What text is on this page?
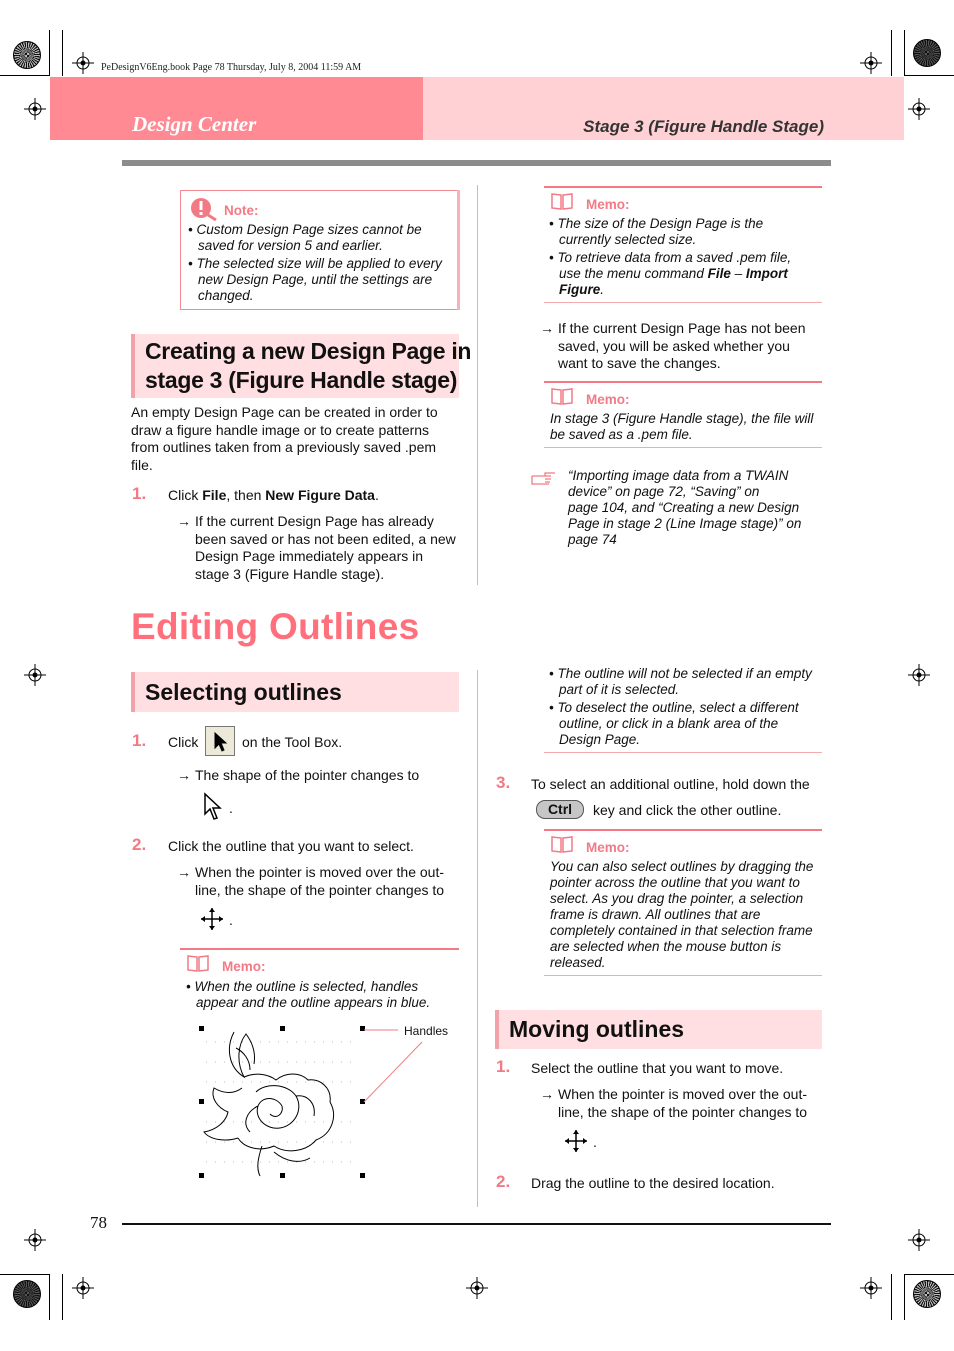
PeDesignV6Eng.book Page 78 Thursday, July 8, 2004 11:59 AM
Design Center	Stage 3 (Figure Handle Stage)
Note:
• Custom Design Page sizes cannot be
saved for version 5 and earlier.
• The selected size will be applied to every
new Design Page, until the settings are
changed.
Creating a new Design Page in
stage 3 (Figure Handle stage)
An empty Design Page can be created in order to
draw a figure handle image or to create patterns
from outlines taken from a previously saved .pem
file.
1. Click File, then New Figure Data.
→ If the current Design Page has already
been saved or has not been edited, a new
Design Page immediately appears in
stage 3 (Figure Handle stage).
Memo:
• The size of the Design Page is the
currently selected size.
• To retrieve data from a saved .pem file,
use the menu command File – Import
Figure.
→ If the current Design Page has not been
saved, you will be asked whether you
want to save the changes.
Memo:
In stage 3 (Figure Handle stage), the file will
be saved as a .pem file.
“Importing image data from a TWAIN
device” on page 72, “Saving” on
page 104, and “Creating a new Design
Page in stage 2 (Line Image stage)” on
page 74
Editing Outlines
Selecting outlines
1. Click	on the Tool Box.
→ The shape of the pointer changes to
.
2. Click the outline that you want to select.
→ When the pointer is moved over the out-
line, the shape of the pointer changes to
.
Memo:
• When the outline is selected, handles
appear and the outline appears in blue.
Handles
• The outline will not be selected if an empty
part of it is selected.
• To deselect the outline, select a different
outline, or click in a blank area of the
Design Page.
3. To select an additional outline, hold down the
Ctrl	key and click the other outline.
Memo:
You can also select outlines by dragging the
pointer across the outline that you want to
select. As you drag the pointer, a selection
frame is drawn. All outlines that are
completely contained in that selection frame
are selected when the mouse button is
released.
Moving outlines
1. Select the outline that you want to move.
→ When the pointer is moved over the out-
line, the shape of the pointer changes to
.
2. Drag the outline to the desired location.
78
